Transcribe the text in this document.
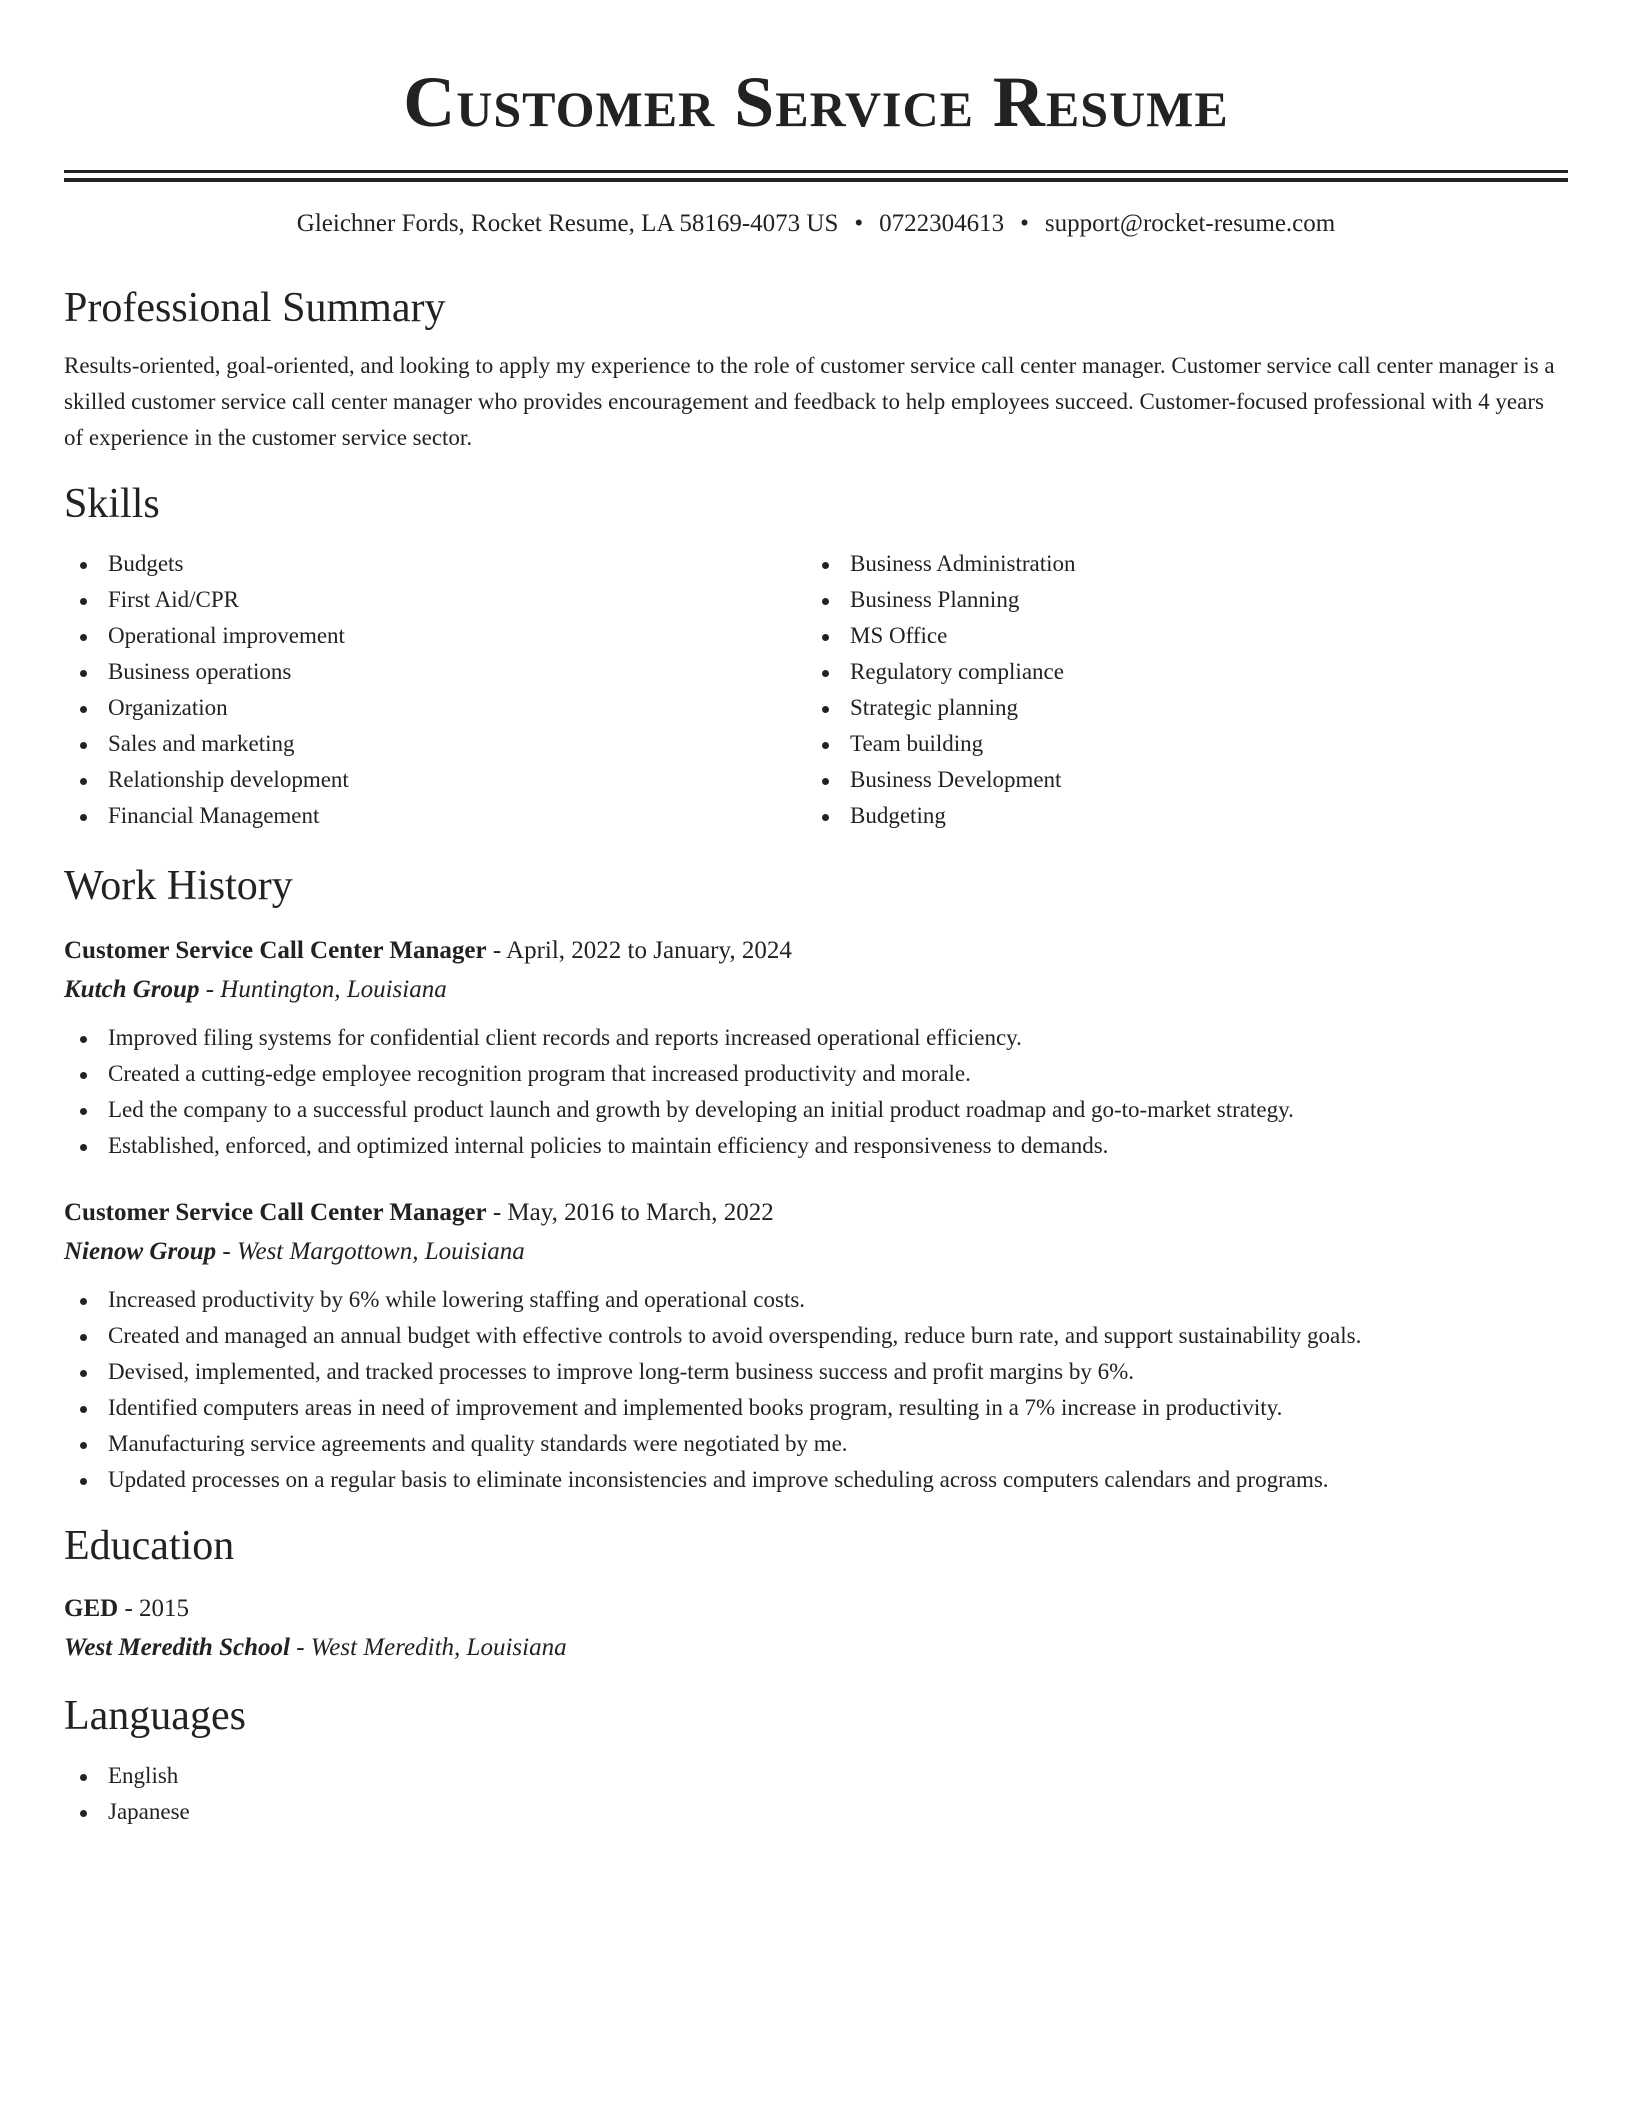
Customer Service Resume
Gleichner Fords, Rocket Resume, LA 58169-4073 US • 0722304613 • support@rocket-resume.com
Professional Summary
Results-oriented, goal-oriented, and looking to apply my experience to the role of customer service call center manager. Customer service call center manager is a skilled customer service call center manager who provides encouragement and feedback to help employees succeed. Customer-focused professional with 4 years of experience in the customer service sector.
Skills
Budgets
First Aid/CPR
Operational improvement
Business operations
Organization
Sales and marketing
Relationship development
Financial Management
Business Administration
Business Planning
MS Office
Regulatory compliance
Strategic planning
Team building
Business Development
Budgeting
Work History
Customer Service Call Center Manager - April, 2022 to January, 2024
Kutch Group - Huntington, Louisiana
Improved filing systems for confidential client records and reports increased operational efficiency.
Created a cutting-edge employee recognition program that increased productivity and morale.
Led the company to a successful product launch and growth by developing an initial product roadmap and go-to-market strategy.
Established, enforced, and optimized internal policies to maintain efficiency and responsiveness to demands.
Customer Service Call Center Manager - May, 2016 to March, 2022
Nienow Group - West Margottown, Louisiana
Increased productivity by 6% while lowering staffing and operational costs.
Created and managed an annual budget with effective controls to avoid overspending, reduce burn rate, and support sustainability goals.
Devised, implemented, and tracked processes to improve long-term business success and profit margins by 6%.
Identified computers areas in need of improvement and implemented books program, resulting in a 7% increase in productivity.
Manufacturing service agreements and quality standards were negotiated by me.
Updated processes on a regular basis to eliminate inconsistencies and improve scheduling across computers calendars and programs.
Education
GED - 2015
West Meredith School - West Meredith, Louisiana
Languages
English
Japanese
